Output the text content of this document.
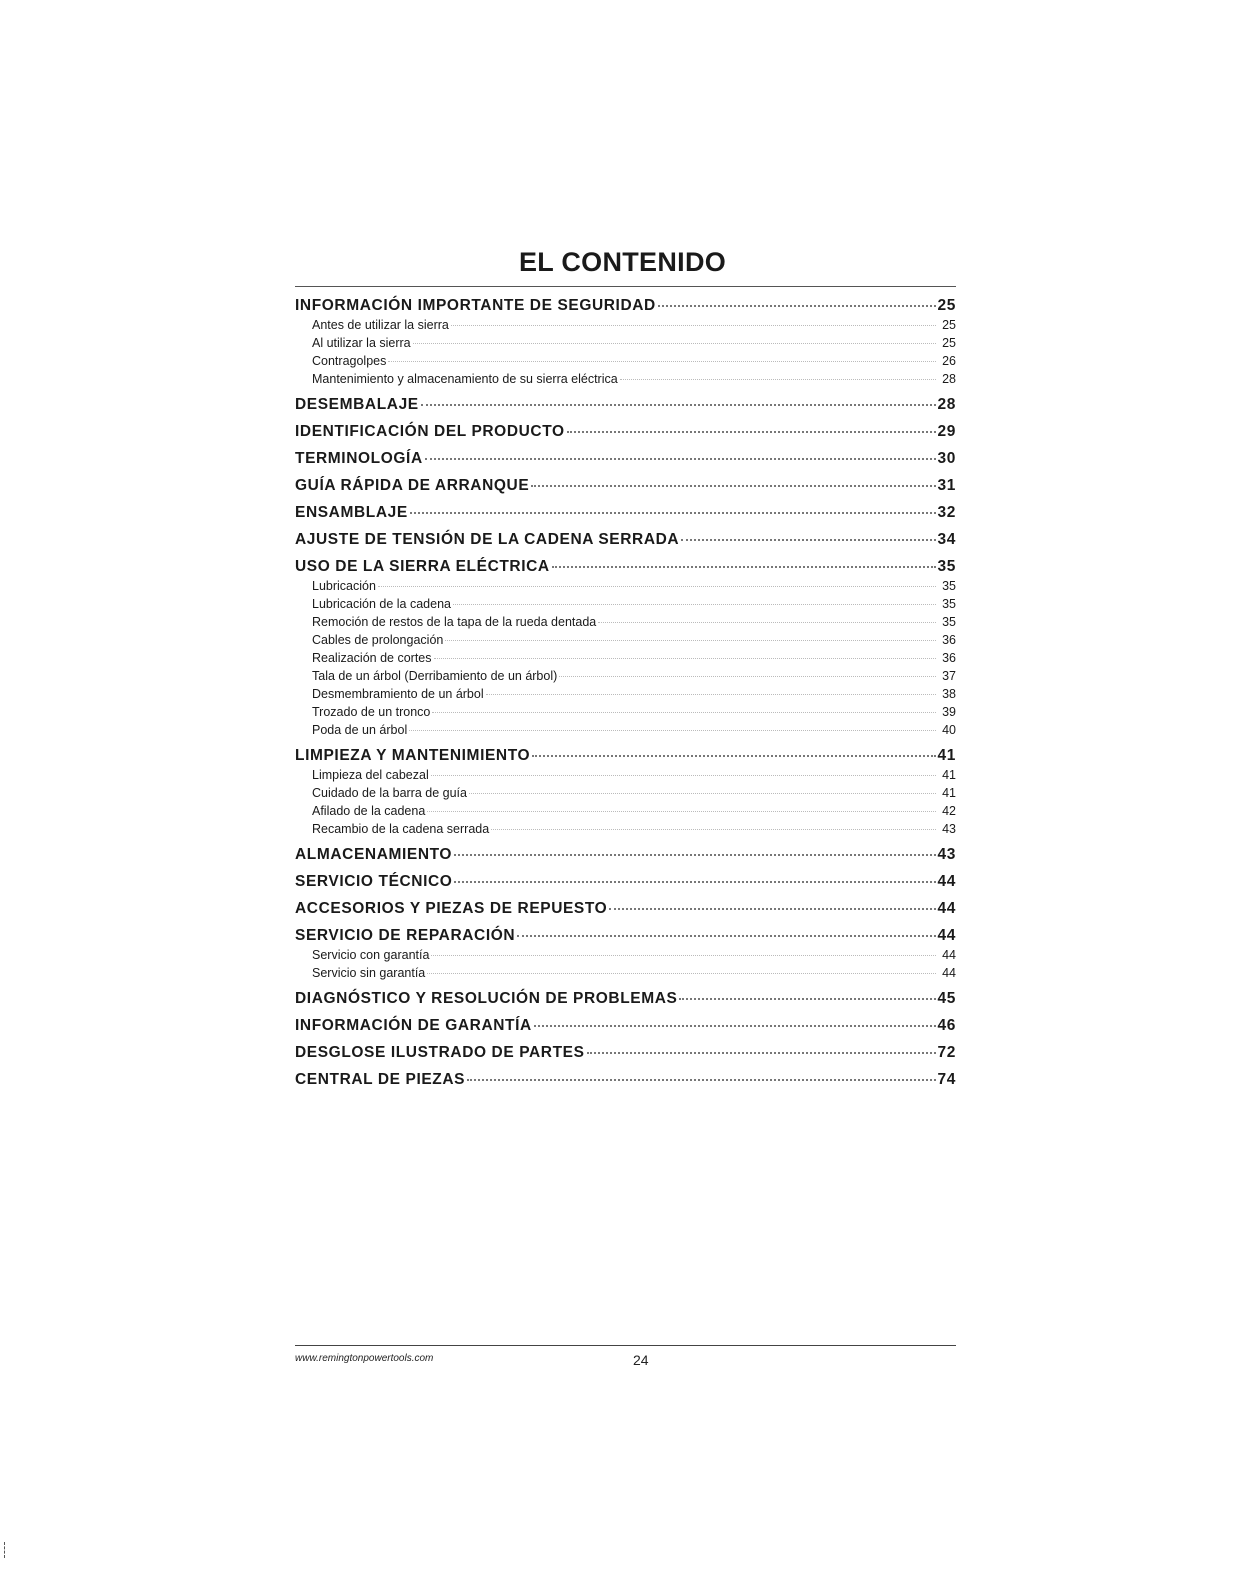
EL CONTENIDO
INFORMACIÓN IMPORTANTE DE SEGURIDAD	25
Antes de utilizar la sierra	25
Al utilizar la sierra	25
Contragolpes	26
Mantenimiento y almacenamiento de su sierra eléctrica	28
DESEMBALAJE	28
IDENTIFICACIÓN DEL PRODUCTO	29
TERMINOLOGÍA	30
GUÍA RÁPIDA DE ARRANQUE	31
ENSAMBLAJE	32
AJUSTE DE TENSIÓN DE LA CADENA SERRADA	34
USO DE LA SIERRA ELÉCTRICA	35
Lubricación	35
Lubricación de la cadena	35
Remoción de restos de la tapa de la rueda dentada	35
Cables de prolongación	36
Realización de cortes	36
Tala de un árbol (Derribamiento de un árbol)	37
Desmembramiento de un árbol	38
Trozado de un tronco	39
Poda de un árbol	40
LIMPIEZA Y MANTENIMIENTO	41
Limpieza del cabezal	41
Cuidado de la barra de guía	41
Afilado de la cadena	42
Recambio de la cadena serrada	43
ALMACENAMIENTO	43
SERVICIO TÉCNICO	44
ACCESORIOS Y PIEZAS DE REPUESTO	44
SERVICIO DE REPARACIÓN	44
Servicio con garantía	44
Servicio sin garantía	44
DIAGNÓSTICO Y RESOLUCIÓN DE PROBLEMAS	45
INFORMACIÓN DE GARANTÍA	46
DESGLOSE ILUSTRADO DE PARTES	72
CENTRAL DE PIEZAS	74
www.remingtonpowertools.com	24
